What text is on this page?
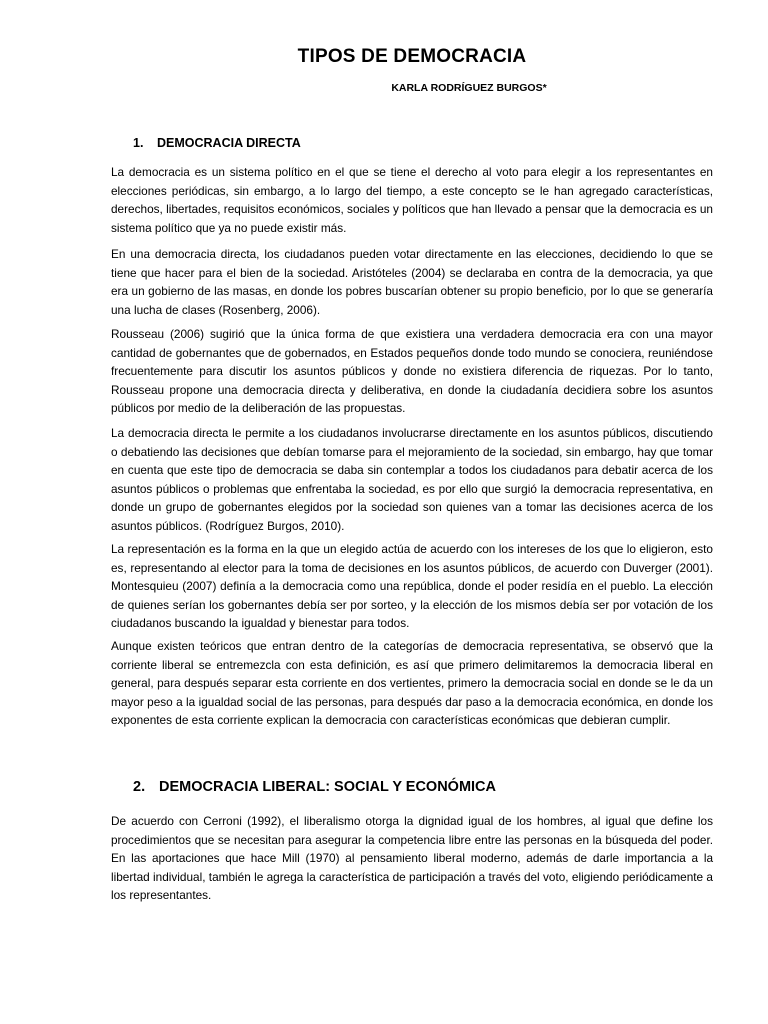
TIPOS DE DEMOCRACIA
KARLA RODRÍGUEZ BURGOS*
1. DEMOCRACIA DIRECTA

La democracia es un sistema político en el que se tiene el derecho al voto para elegir a los representantes en elecciones periódicas, sin embargo, a lo largo del tiempo, a este concepto se le han agregado características, derechos, libertades, requisitos económicos, sociales y políticos que han llevado a pensar que la democracia es un sistema político que ya no puede existir más.

En una democracia directa, los ciudadanos pueden votar directamente en las elecciones, decidiendo lo que se tiene que hacer para el bien de la sociedad. Aristóteles (2004) se declaraba en contra de la democracia, ya que era un gobierno de las masas, en donde los pobres buscarían obtener su propio beneficio, por lo que se generaría una lucha de clases (Rosenberg, 2006).

Rousseau (2006) sugirió que la única forma de que existiera una verdadera democracia era con una mayor cantidad de gobernantes que de gobernados, en Estados pequeños donde todo mundo se conociera, reuniéndose frecuentemente para discutir los asuntos públicos y donde no existiera diferencia de riquezas. Por lo tanto, Rousseau propone una democracia directa y deliberativa, en donde la ciudadanía decidiera sobre los asuntos públicos por medio de la deliberación de las propuestas.

La democracia directa le permite a los ciudadanos involucrarse directamente en los asuntos públicos, discutiendo o debatiendo las decisiones que debían tomarse para el mejoramiento de la sociedad, sin embargo, hay que tomar en cuenta que este tipo de democracia se daba sin contemplar a todos los ciudadanos para debatir acerca de los asuntos públicos o problemas que enfrentaba la sociedad, es por ello que surgió la democracia representativa, en donde un grupo de gobernantes elegidos por la sociedad son quienes van a tomar las decisiones acerca de los asuntos públicos. (Rodríguez Burgos, 2010).

La representación es la forma en la que un elegido actúa de acuerdo con los intereses de los que lo eligieron, esto es, representando al elector para la toma de decisiones en los asuntos públicos, de acuerdo con Duverger (2001). Montesquieu (2007) definía a la democracia como una república, donde el poder residía en el pueblo. La elección de quienes serían los gobernantes debía ser por sorteo, y la elección de los mismos debía ser por votación de los ciudadanos buscando la igualdad y bienestar para todos.

Aunque existen teóricos que entran dentro de la categorías de democracia representativa, se observó que la corriente liberal se entremezcla con esta definición, es así que primero delimitaremos la democracia liberal en general, para después separar esta corriente en dos vertientes, primero la democracia social en donde se le da un mayor peso a la igualdad social de las personas, para después dar paso a la democracia económica, en donde los exponentes de esta corriente explican la democracia con características económicas que debieran cumplir.

2. DEMOCRACIA LIBERAL: SOCIAL Y ECONÓMICA

De acuerdo con Cerroni (1992), el liberalismo otorga la dignidad igual de los hombres, al igual que define los procedimientos que se necesitan para asegurar la competencia libre entre las personas en la búsqueda del poder. En las aportaciones que hace Mill (1970) al pensamiento liberal moderno, además de darle importancia a la libertad individual, también le agrega la característica de participación a través del voto, eligiendo periódicamente a los representantes.
